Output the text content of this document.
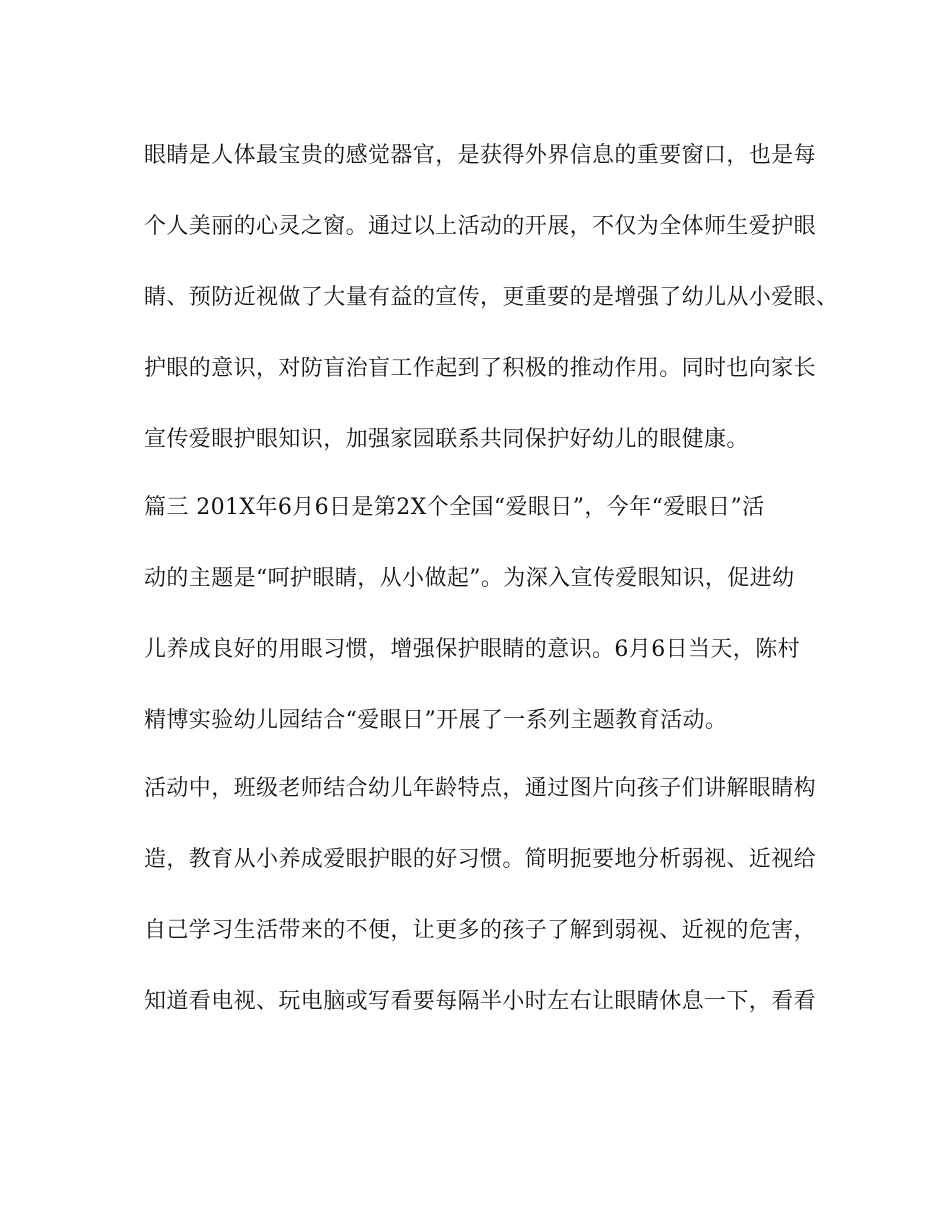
眼睛是人体最宝贵的感觉器官，是获得外界信息的重要窗口，也是每
个人美丽的心灵之窗。通过以上活动的开展，不仅为全体师生爱护眼
睛、预防近视做了大量有益的宣传，更重要的是增强了幼儿从小爱眼、
护眼的意识，对防盲治盲工作起到了积极的推动作用。同时也向家长
宣传爱眼护眼知识，加强家园联系共同保护好幼儿的眼健康。
篇三 201X年6月6日是第2X个全国“爱眼日”，今年“爱眼日”活
动的主题是“呵护眼睛，从小做起”。为深入宣传爱眼知识，促进幼
儿养成良好的用眼习惯，增强保护眼睛的意识。6月6日当天，陈村
精博实验幼儿园结合“爱眼日”开展了一系列主题教育活动。
活动中，班级老师结合幼儿年龄特点，通过图片向孩子们讲解眼睛构
造，教育从小养成爱眼护眼的好习惯。简明扼要地分析弱视、近视给
自己学习生活带来的不便，让更多的孩子了解到弱视、近视的危害，
知道看电视、玩电脑或写看要每隔半小时左右让眼睛休息一下，看看
